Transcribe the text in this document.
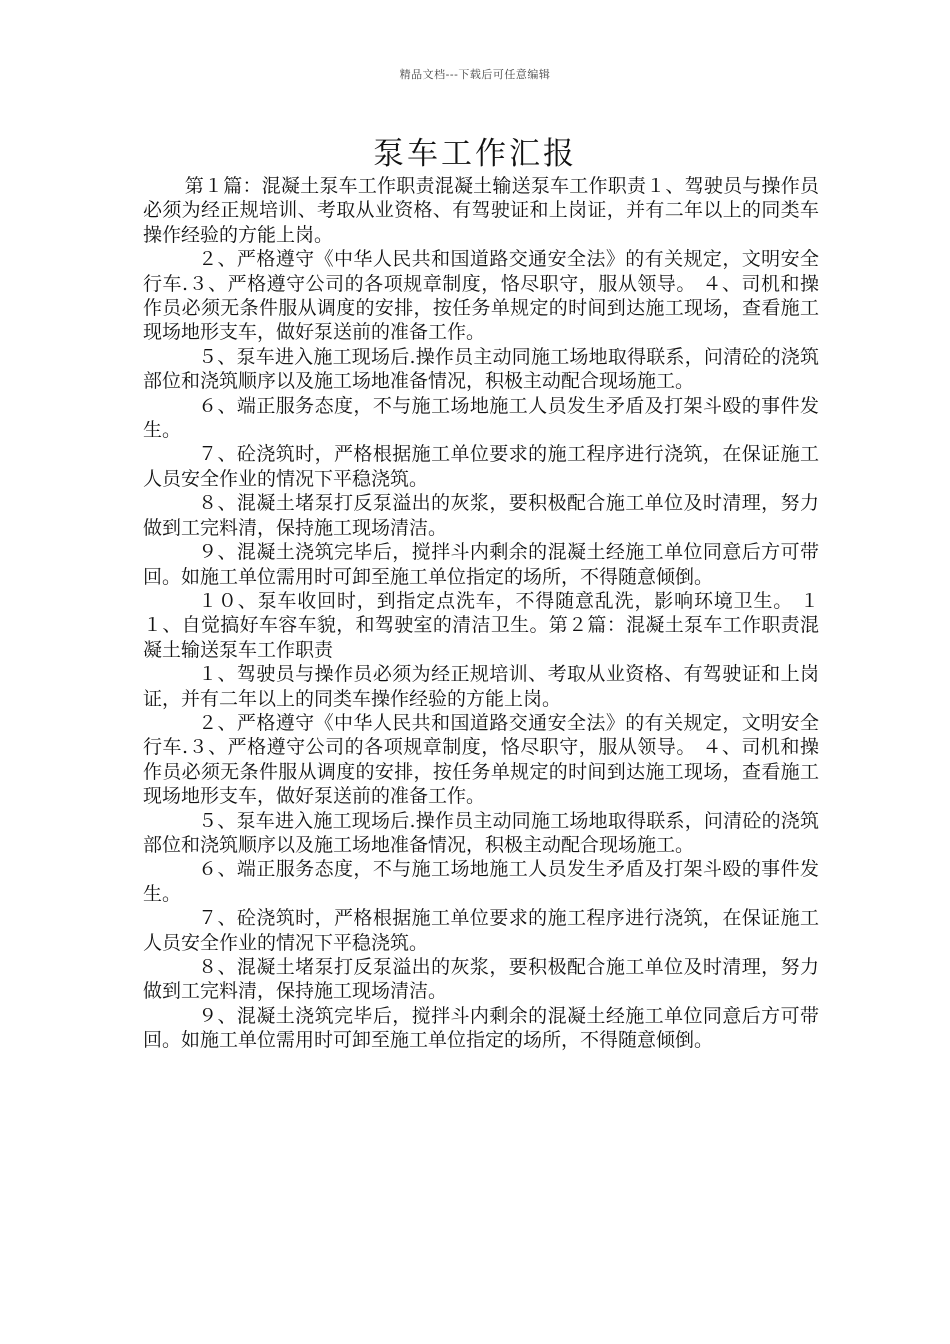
精品文档---下载后可任意编辑
泵车工作汇报

第１篇：混凝土泵车工作职责混凝土输送泵车工作职责１、驾驶员与操作员必须为经正规培训、考取从业资格、有驾驶证和上岗证，并有二年以上的同类车操作经验的方能上岗。

２、严格遵守《中华人民共和国道路交通安全法》的有关规定，文明安全行车.３、严格遵守公司的各项规章制度，恪尽职守，服从领导。 ４、司机和操作员必须无条件服从调度的安排，按任务单规定的时间到达施工现场，查看施工现场地形支车，做好泵送前的准备工作。

５、泵车进入施工现场后.操作员主动同施工场地取得联系，问清砼的浇筑部位和浇筑顺序以及施工场地准备情况，积极主动配合现场施工。

６、端正服务态度，不与施工场地施工人员发生矛盾及打架斗殴的事件发生。

７、砼浇筑时，严格根据施工单位要求的施工程序进行浇筑，在保证施工人员安全作业的情况下平稳浇筑。

８、混凝土堵泵打反泵溢出的灰浆，要积极配合施工单位及时清理，努力做到工完料清，保持施工现场清洁。

９、混凝土浇筑完毕后，搅拌斗内剩余的混凝土经施工单位同意后方可带回。如施工单位需用时可卸至施工单位指定的场所，不得随意倾倒。

１０、泵车收回时，到指定点洗车，不得随意乱洗，影响环境卫生。 １１、自觉搞好车容车貌，和驾驶室的清洁卫生。第２篇：混凝土泵车工作职责混凝土输送泵车工作职责

１、驾驶员与操作员必须为经正规培训、考取从业资格、有驾驶证和上岗证，并有二年以上的同类车操作经验的方能上岗。

２、严格遵守《中华人民共和国道路交通安全法》的有关规定，文明安全行车.３、严格遵守公司的各项规章制度，恪尽职守，服从领导。 ４、司机和操作员必须无条件服从调度的安排，按任务单规定的时间到达施工现场，查看施工现场地形支车，做好泵送前的准备工作。

５、泵车进入施工现场后.操作员主动同施工场地取得联系，问清砼的浇筑部位和浇筑顺序以及施工场地准备情况，积极主动配合现场施工。

６、端正服务态度，不与施工场地施工人员发生矛盾及打架斗殴的事件发生。

７、砼浇筑时，严格根据施工单位要求的施工程序进行浇筑，在保证施工人员安全作业的情况下平稳浇筑。

８、混凝土堵泵打反泵溢出的灰浆，要积极配合施工单位及时清理，努力做到工完料清，保持施工现场清洁。

９、混凝土浇筑完毕后，搅拌斗内剩余的混凝土经施工单位同意后方可带回。如施工单位需用时可卸至施工单位指定的场所，不得随意倾倒。
